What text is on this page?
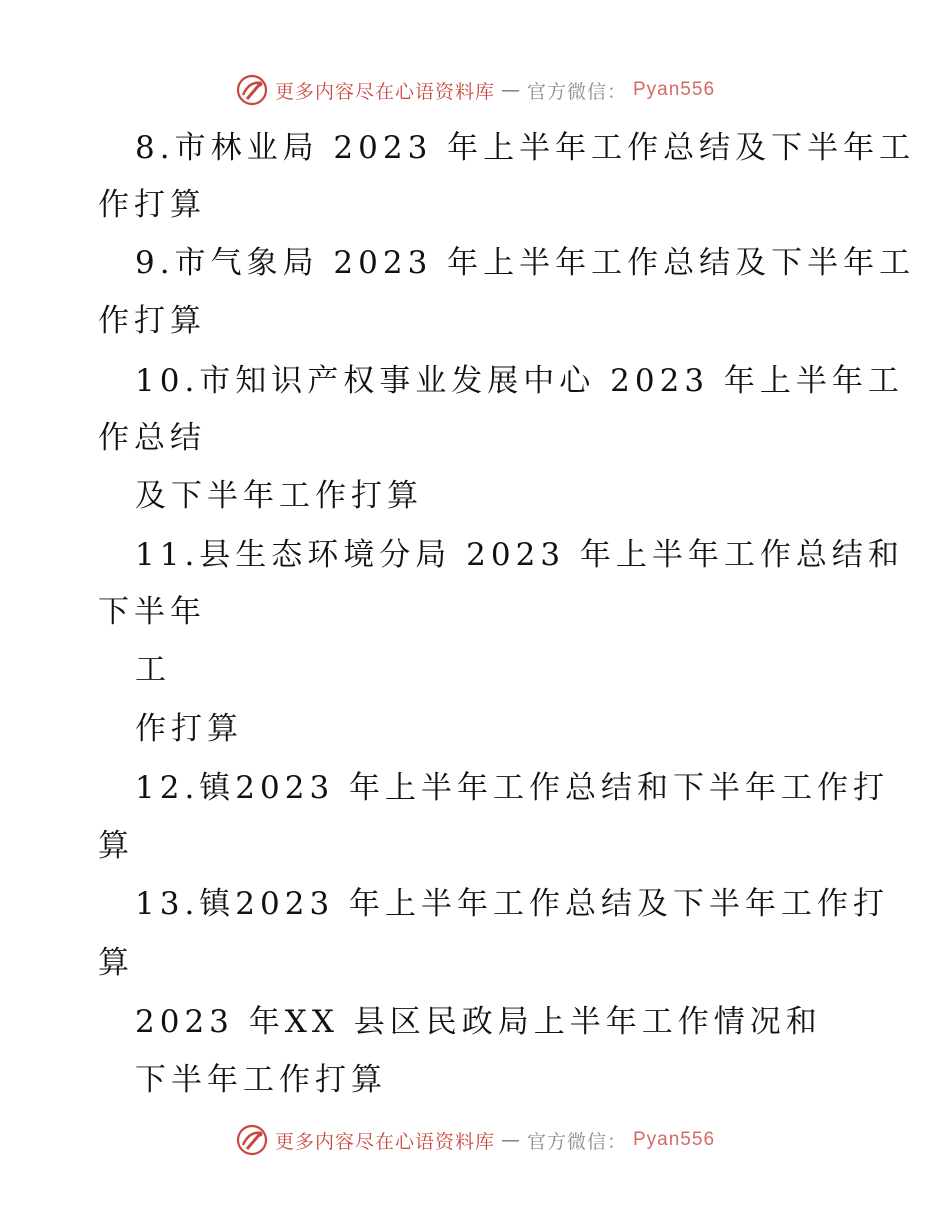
更多内容尽在心语资料库 — 官方微信： Pyan556
8.市林业局 2023 年上半年工作总结及下半年工
作打算
9.市气象局 2023 年上半年工作总结及下半年工
作打算
10.市知识产权事业发展中心 2023 年上半年工
作总结
及下半年工作打算
11.县生态环境分局 2023 年上半年工作总结和
下半年
工
作打算
12.镇2023 年上半年工作总结和下半年工作打
算
13.镇2023 年上半年工作总结及下半年工作打
算
2023 年XX 县区民政局上半年工作情况和
下半年工作打算
更多内容尽在心语资料库 — 官方微信： Pyan556
